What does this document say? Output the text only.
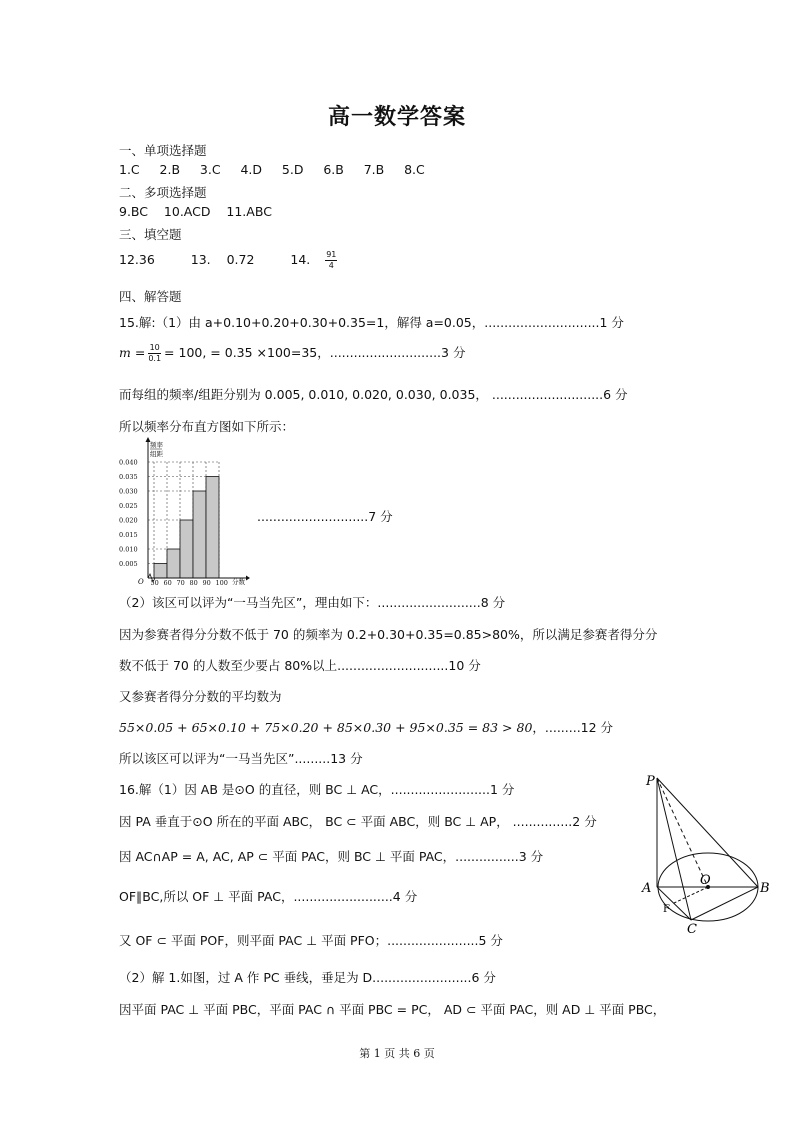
高一数学答案
一、单项选择题
1.C 2.B 3.C 4.D 5.D 6.B 7.B 8.C
二、多项选择题
9.BC 10.ACD 11.ABC
三、填空题
12.36	13. 0.72	14. $\frac{91}{4}$
四、解答题
15.解:（1）由 a+0.10+0.20+0.30+0.35=1，解得 a=0.05，.............................1 分
$m = \frac{10}{0.1} = 100$, = 0.35 ×100=35，............................3 分
而每组的频率/组距分别为 0.005, 0.010, 0.020, 0.030, 0.035， ............................6 分
所以频率分布直方图如下所示：
0.040
0.035
0.030
0.025
0.020
0.015
0.010
0.005
50 60 70 80 90 100
频率
组距
分数
O
............................7 分
（2）该区可以评为“一马当先区”，理由如下：..........................8 分
因为参赛者得分分数不低于 70 的频率为 0.2+0.30+0.35=0.85>80%，所以满足参赛者得分分
数不低于 70 的人数至少要占 80%以上............................10 分
又参赛者得分分数的平均数为
55×0.05 + 65×0.10 + 75×0.20 + 85×0.30 + 95×0.35 = 83 > 80，.........12 分
所以该区可以评为“一马当先区”.........13 分
16.解（1）因 AB 是⊙O 的直径，则 BC ⊥ AC，.........................1 分
因 PA 垂直于⊙O 所在的平面 ABC， BC ⊂ 平面 ABC，则 BC ⊥ AP， ...............2 分
因 AC∩AP = A, AC, AP ⊂ 平面 PAC，则 BC ⊥ 平面 PAC，................3 分
OF∥BC,所以 OF ⊥ 平面 PAC，.........................4 分
又 OF ⊂ 平面 POF，则平面 PAC ⊥ 平面 PFO；.......................5 分
（2）解 1.如图，过 A 作 PC 垂线，垂足为 D.........................6 分
因平面 PAC ⊥ 平面 PBC，平面 PAC ∩ 平面 PBC = PC， AD ⊂ 平面 PAC，则 AD ⊥ 平面 PBC，
P
A
O
B
F
C
第 1 页 共 6 页
